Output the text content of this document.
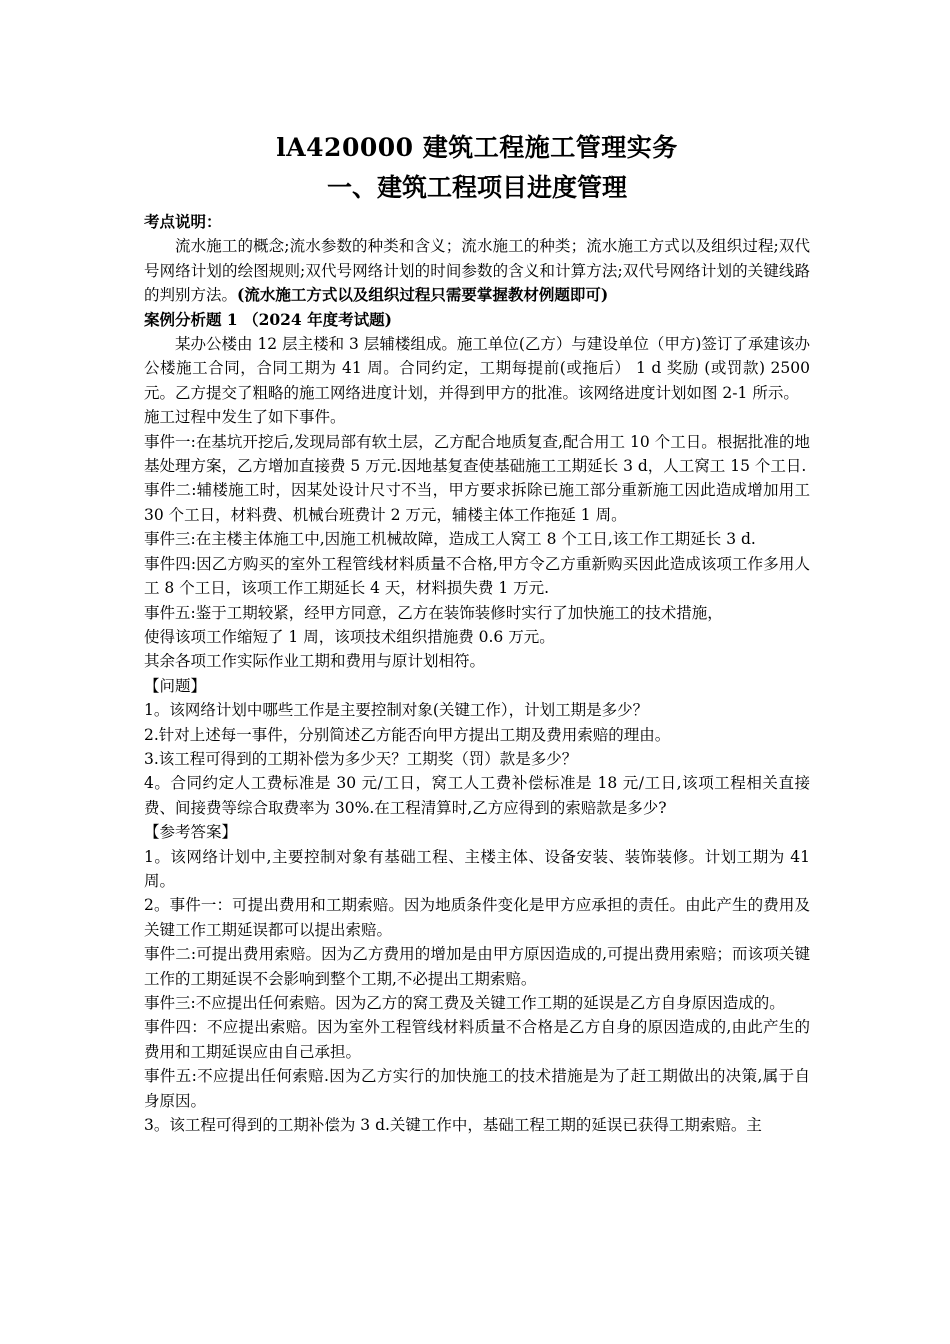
lA420000 建筑工程施工管理实务

一、建筑工程项目进度管理

考点说明：

流水施工的概念;流水参数的种类和含义；流水施工的种类；流水施工方式以及组织过程;双代号网络计划的绘图规则;双代号网络计划的时间参数的含义和计算方法;双代号网络计划的关键线路的判别方法。(流水施工方式以及组织过程只需要掌握教材例题即可)

案例分析题 1 （2024 年度考试题)

某办公楼由 12 层主楼和 3 层辅楼组成。施工单位(乙方）与建设单位（甲方)签订了承建该办公楼施工合同，合同工期为 41 周。合同约定，工期每提前(或拖后） 1 d 奖励 (或罚款) 2500 元。乙方提交了粗略的施工网络进度计划，并得到甲方的批准。该网络进度计划如图 2-1 所示。

施工过程中发生了如下事件。

事件一:在基坑开挖后,发现局部有软土层，乙方配合地质复查,配合用工 10 个工日。根据批准的地基处理方案，乙方增加直接费 5 万元.因地基复查使基础施工工期延长 3 d，人工窝工 15 个工日.

事件二:辅楼施工时，因某处设计尺寸不当，甲方要求拆除已施工部分重新施工因此造成增加用工 30 个工日，材料费、机械台班费计 2 万元，辅楼主体工作拖延 1 周。

事件三:在主楼主体施工中,因施工机械故障，造成工人窝工 8 个工日,该工作工期延长 3 d.

事件四:因乙方购买的室外工程管线材料质量不合格,甲方令乙方重新购买因此造成该项工作多用人工 8 个工日，该项工作工期延长 4 天，材料损失费 1 万元.

事件五:鉴于工期较紧，经甲方同意，乙方在装饰装修时实行了加快施工的技术措施，

使得该项工作缩短了 1 周，该项技术组织措施费 0.6 万元。

其余各项工作实际作业工期和费用与原计划相符。

【问题】

1。该网络计划中哪些工作是主要控制对象(关键工作），计划工期是多少？

2.针对上述每一事件，分别简述乙方能否向甲方提出工期及费用索赔的理由。

3.该工程可得到的工期补偿为多少天？工期奖（罚）款是多少？

4。合同约定人工费标准是 30 元/工日，窝工人工费补偿标准是 18 元/工日,该项工程相关直接费、间接费等综合取费率为 30%.在工程清算时,乙方应得到的索赔款是多少?

【参考答案】

1。该网络计划中,主要控制对象有基础工程、主楼主体、设备安装、装饰装修。计划工期为 41 周。

2。事件一：可提出费用和工期索赔。因为地质条件变化是甲方应承担的责任。由此产生的费用及关键工作工期延误都可以提出索赔。

事件二:可提出费用索赔。因为乙方费用的增加是由甲方原因造成的,可提出费用索赔；而该项关键工作的工期延误不会影响到整个工期,不必提出工期索赔。

事件三:不应提出任何索赔。因为乙方的窝工费及关键工作工期的延误是乙方自身原因造成的。

事件四：不应提出索赔。因为室外工程管线材料质量不合格是乙方自身的原因造成的,由此产生的费用和工期延误应由自己承担。

事件五:不应提出任何索赔.因为乙方实行的加快施工的技术措施是为了赶工期做出的决策,属于自身原因。

3。该工程可得到的工期补偿为 3 d.关键工作中，基础工程工期的延误已获得工期索赔。主
